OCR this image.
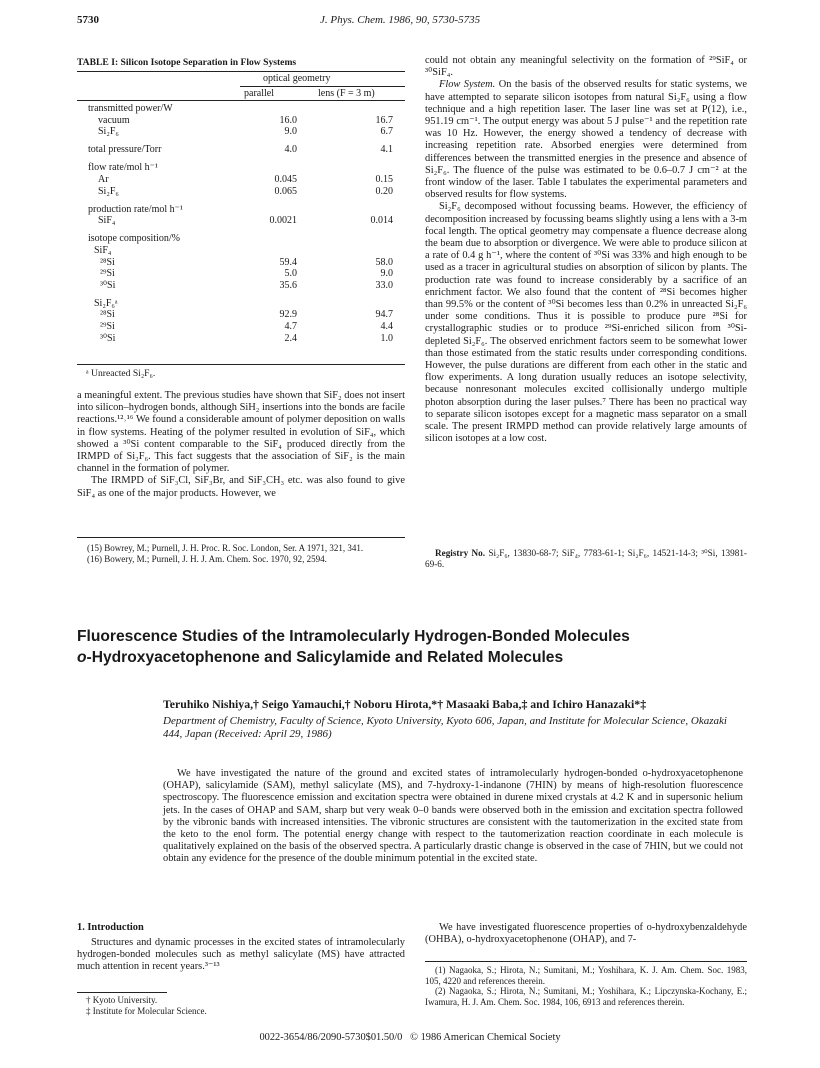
5730	J. Phys. Chem. 1986, 90, 5730-5735
TABLE I: Silicon Isotope Separation in Flow Systems
optical geometry
parallel	lens (F = 3 m)
transmitted power/W
vacuum	16.0	16.7
Si₂F₆	9.0	6.7
total pressure/Torr	4.0	4.1
flow rate/mol h⁻¹
Ar	0.045	0.15
Si₂F₆	0.065	0.20
production rate/mol h⁻¹
SiF₄	0.0021	0.014
isotope composition/%
SiF₄
²⁸Si	59.4	58.0
²⁹Si	5.0	9.0
³⁰Si	35.6	33.0
Si₂F₆ᵃ
²⁸Si	92.9	94.7
²⁹Si	4.7	4.4
³⁰Si	2.4	1.0
ᵃ Unreacted Si₂F₆.

a meaningful extent. The previous studies have shown that SiF₂ does not insert into silicon–hydrogen bonds, although SiH₂ insertions into the bonds are facile reactions.¹²˒¹⁶ We found a considerable amount of polymer deposition on walls in flow systems. Heating of the polymer resulted in evolution of SiF₄, which showed a ³⁰Si content comparable to the SiF₄ produced directly from the IRMPD of Si₂F₆. This fact suggests that the association of SiF₂ is the main channel in the formation of polymer.

The IRMPD of SiF₃Cl, SiF₃Br, and SiF₃CH₃ etc. was also found to give SiF₄ as one of the major products. However, we

(15) Bowrey, M.; Purnell, J. H. Proc. R. Soc. London, Ser. A 1971, 321, 341.

(16) Bowery, M.; Purnell, J. H. J. Am. Chem. Soc. 1970, 92, 2594.

could not obtain any meaningful selectivity on the formation of ²⁹SiF₄ or ³⁰SiF₄.

Flow System. On the basis of the observed results for static systems, we have attempted to separate silicon isotopes from natural Si₂F₆ using a flow technique and a high repetition laser. The laser line was set at P(12), i.e., 951.19 cm⁻¹. The output energy was about 5 J pulse⁻¹ and the repetition rate was 10 Hz. However, the energy showed a tendency of decrease with increasing repetition rate. Absorbed energies were determined from differences between the transmitted energies in the presence and absence of Si₂F₆. The fluence of the pulse was estimated to be 0.6–0.7 J cm⁻² at the front window of the laser. Table I tabulates the experimental parameters and observed results for flow systems.

Si₂F₆ decomposed without focussing beams. However, the efficiency of decomposition increased by focussing beams slightly using a lens with a 3-m focal length. The optical geometry may compensate a fluence decrease along the beam due to absorption or divergence. We were able to produce silicon at a rate of 0.4 g h⁻¹, where the content of ³⁰Si was 33% and high enough to be used as a tracer in agricultural studies on absorption of silicon by plants. The production rate was found to increase considerably by a sacrifice of an enrichment factor. We also found that the content of ²⁸Si becomes higher than 99.5% or the content of ³⁰Si becomes less than 0.2% in unreacted Si₂F₆ under some conditions. Thus it is possible to produce pure ²⁸Si for crystallographic studies or to produce ²⁹Si-enriched silicon from ³⁰Si-depleted Si₂F₆. The observed enrichment factors seem to be somewhat lower than those estimated from the static results under corresponding conditions. However, the pulse durations are different from each other in the static and flow experiments. A long duration usually reduces an isotope selectivity, because nonresonant molecules excited collisionally undergo multiple photon absorption during the laser pulses.⁷ There has been no practical way to separate silicon isotopes except for a magnetic mass separator on a small scale. The present IRMPD method can provide relatively large amounts of silicon isotopes at a low cost.

Registry No. Si₂F₆, 13830-68-7; SiF₄, 7783-61-1; Si₂F₆, 14521-14-3; ³⁰Si, 13981-69-6.
Fluorescence Studies of the Intramolecularly Hydrogen-Bonded Molecules
o-Hydroxyacetophenone and Salicylamide and Related Molecules
Teruhiko Nishiya,† Seigo Yamauchi,† Noboru Hirota,*† Masaaki Baba,‡ and Ichiro Hanazaki*‡
Department of Chemistry, Faculty of Science, Kyoto University, Kyoto 606, Japan, and Institute for Molecular Science, Okazaki 444, Japan (Received: April 29, 1986)
We have investigated the nature of the ground and excited states of intramolecularly hydrogen-bonded o-hydroxyacetophenone (OHAP), salicylamide (SAM), methyl salicylate (MS), and 7-hydroxy-1-indanone (7HIN) by means of high-resolution fluorescence spectroscopy. The fluorescence emission and excitation spectra were obtained in durene mixed crystals at 4.2 K and in supersonic helium jets. In the cases of OHAP and SAM, sharp but very weak 0–0 bands were observed both in the emission and excitation spectra followed by the vibronic bands with increased intensities. The vibronic structures are consistent with the tautomerization in the excited state from the keto to the enol form. The potential energy change with respect to the tautomerization reaction coordinate in each molecule is qualitatively explained on the basis of the observed spectra. A particularly drastic change is observed in the case of 7HIN, but we could not obtain any evidence for the presence of the double minimum potential in the excited state.
1. Introduction
Structures and dynamic processes in the excited states of intramolecularly hydrogen-bonded molecules such as methyl salicylate (MS) have attracted much attention in recent years.³⁻¹³
We have investigated fluorescence properties of o-hydroxybenzaldehyde (OHBA), o-hydroxyacetophenone (OHAP), and 7-
† Kyoto University.
‡ Institute for Molecular Science.

(1) Nagaoka, S.; Hirota, N.; Sumitani, M.; Yoshihara, K. J. Am. Chem. Soc. 1983, 105, 4220 and references therein.

(2) Nagaoka, S.; Hirota, N.; Sumitani, M.; Yoshihara, K.; Lipczynska-Kochany, E.; Iwamura, H. J. Am. Chem. Soc. 1984, 106, 6913 and references therein.

0022-3654/86/2090-5730$01.50/0   © 1986 American Chemical Society
